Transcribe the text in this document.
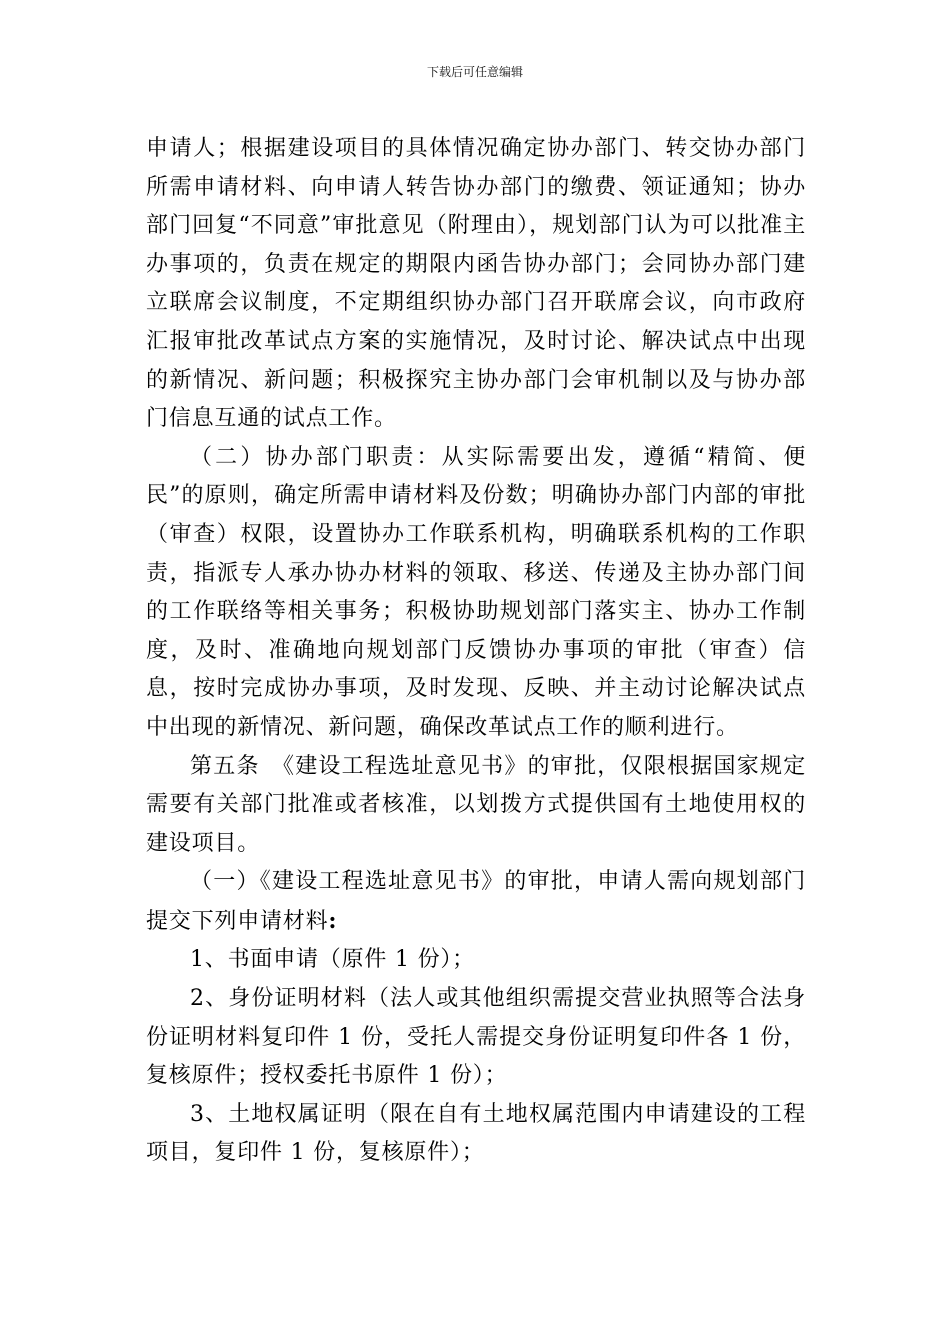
下载后可任意编辑

申请人；根据建设项目的具体情况确定协办部门、转交协办部门所需申请材料、向申请人转告协办部门的缴费、领证通知；协办部门回复“不同意”审批意见（附理由），规划部门认为可以批准主办事项的，负责在规定的期限内函告协办部门；会同协办部门建立联席会议制度，不定期组织协办部门召开联席会议，向市政府汇报审批改革试点方案的实施情况，及时讨论、解决试点中出现的新情况、新问题；积极探究主协办部门会审机制以及与协办部门信息互通的试点工作。

（二）协办部门职责：从实际需要出发，遵循“精简、便民”的原则，确定所需申请材料及份数；明确协办部门内部的审批（审查）权限，设置协办工作联系机构，明确联系机构的工作职责，指派专人承办协办材料的领取、移送、传递及主协办部门间的工作联络等相关事务；积极协助规划部门落实主、协办工作制度，及时、准确地向规划部门反馈协办事项的审批（审查）信息，按时完成协办事项，及时发现、反映、并主动讨论解决试点中出现的新情况、新问题，确保改革试点工作的顺利进行。

第五条　《建设工程选址意见书》的审批，仅限根据国家规定需要有关部门批准或者核准，以划拨方式提供国有土地使用权的建设项目。

（一）《建设工程选址意见书》的审批，申请人需向规划部门提交下列申请材料:

1、书面申请（原件 1 份）；

2、身份证明材料（法人或其他组织需提交营业执照等合法身份证明材料复印件 1 份，受托人需提交身份证明复印件各 1 份，复核原件；授权委托书原件 1 份）；

3、土地权属证明（限在自有土地权属范围内申请建设的工程项目，复印件 1 份，复核原件）；
